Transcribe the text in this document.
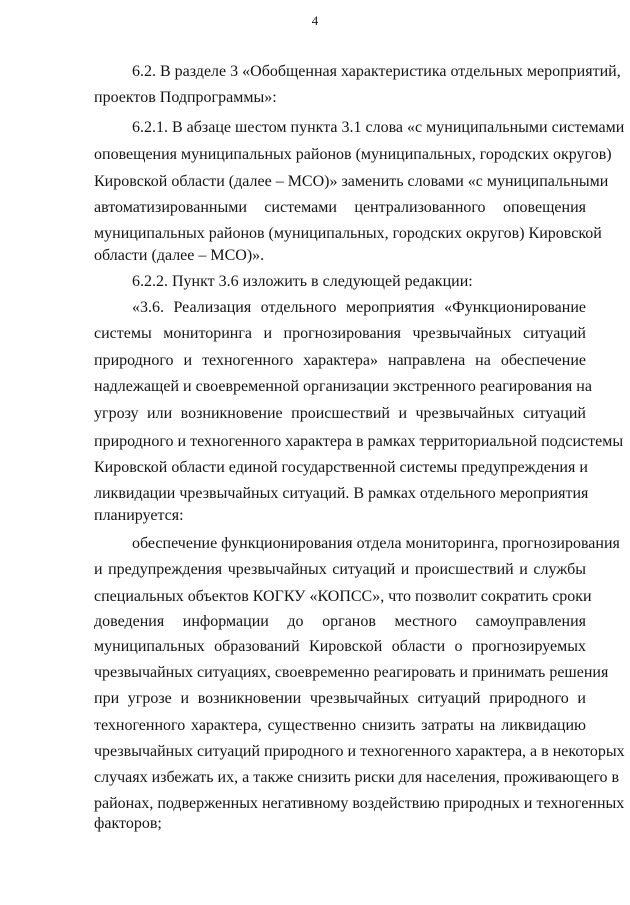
4
6.2. В разделе 3 «Обобщенная характеристика отдельных мероприятий,
проектов Подпрограммы»:
6.2.1. В абзаце шестом пункта 3.1 слова «с муниципальными системами
оповещения муниципальных районов (муниципальных, городских округов)
Кировской области (далее – МСО)» заменить словами «с муниципальными
автоматизированными системами централизованного оповещения
муниципальных районов (муниципальных, городских округов) Кировской
области (далее – МСО)».
6.2.2. Пункт 3.6 изложить в следующей редакции:
«3.6. Реализация отдельного мероприятия «Функционирование
системы мониторинга и прогнозирования чрезвычайных ситуаций
природного и техногенного характера» направлена на обеспечение
надлежащей и своевременной организации экстренного реагирования на
угрозу или возникновение происшествий и чрезвычайных ситуаций
природного и техногенного характера в рамках территориальной подсистемы
Кировской области единой государственной системы предупреждения и
ликвидации чрезвычайных ситуаций. В рамках отдельного мероприятия
планируется:
обеспечение функционирования отдела мониторинга, прогнозирования
и предупреждения чрезвычайных ситуаций и происшествий и службы
специальных объектов КОГКУ «КОПСС», что позволит сократить сроки
доведения информации до органов местного самоуправления
муниципальных образований Кировской области о прогнозируемых
чрезвычайных ситуациях, своевременно реагировать и принимать решения
при угрозе и возникновении чрезвычайных ситуаций природного и
техногенного характера, существенно снизить затраты на ликвидацию
чрезвычайных ситуаций природного и техногенного характера, а в некоторых
случаях избежать их, а также снизить риски для населения, проживающего в
районах, подверженных негативному воздействию природных и техногенных
факторов;
